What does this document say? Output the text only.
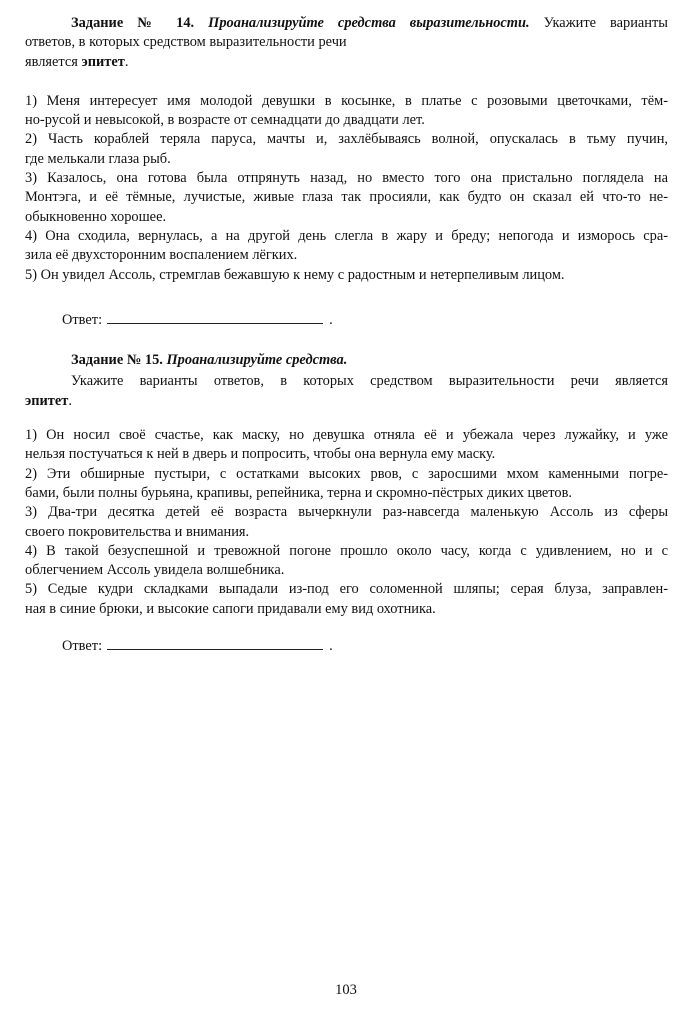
Задание № 14. Проанализируйте средства выразительности. Укажите варианты
ответов, в которых средством выразительности речи
является эпитет.

1) Меня интересует имя молодой девушки в косынке, в платье с розовыми цветочками, тём-
но-русой и невысокой, в возрасте от семнадцати до двадцати лет.

2) Часть кораблей теряла паруса, мачты и, захлёбываясь волной, опускалась в тьму пучин,
где мелькали глаза рыб.

3) Казалось, она готова была отпрянуть назад, но вместо того она пристально поглядела на
Монтэга, и её тёмные, лучистые, живые глаза так просияли, как будто он сказал ей что-то не-
обыкновенно хорошее.

4) Она сходила, вернулась, а на другой день слегла в жару и бреду; непогода и изморось сра-
зила её двухсторонним воспалением лёгких.

5) Он увидел Ассоль, стремглав бежавшую к нему с радостным и нетерпеливым лицом.

Ответ:	.

Задание № 15. Проанализируйте средства.

Укажите варианты ответов, в которых средством выразительности речи является
эпитет.

1) Он носил своё счастье, как маску, но девушка отняла её и убежала через лужайку, и уже
нельзя постучаться к ней в дверь и попросить, чтобы она вернула ему маску.

2) Эти обширные пустыри, с остатками высоких рвов, с заросшими мхом каменными погре-
бами, были полны бурьяна, крапивы, репейника, терна и скромно-пёстрых диких цветов.

3) Два-три десятка детей её возраста вычеркнули раз-навсегда маленькую Ассоль из сферы
своего покровительства и внимания.

4) В такой безуспешной и тревожной погоне прошло около часу, когда с удивлением, но и с
облегчением Ассоль увидела волшебника.

5) Седые кудри складками выпадали из-под его соломенной шляпы; серая блуза, заправлен-
ная в синие брюки, и высокие сапоги придавали ему вид охотника.

Ответ:	.

103
